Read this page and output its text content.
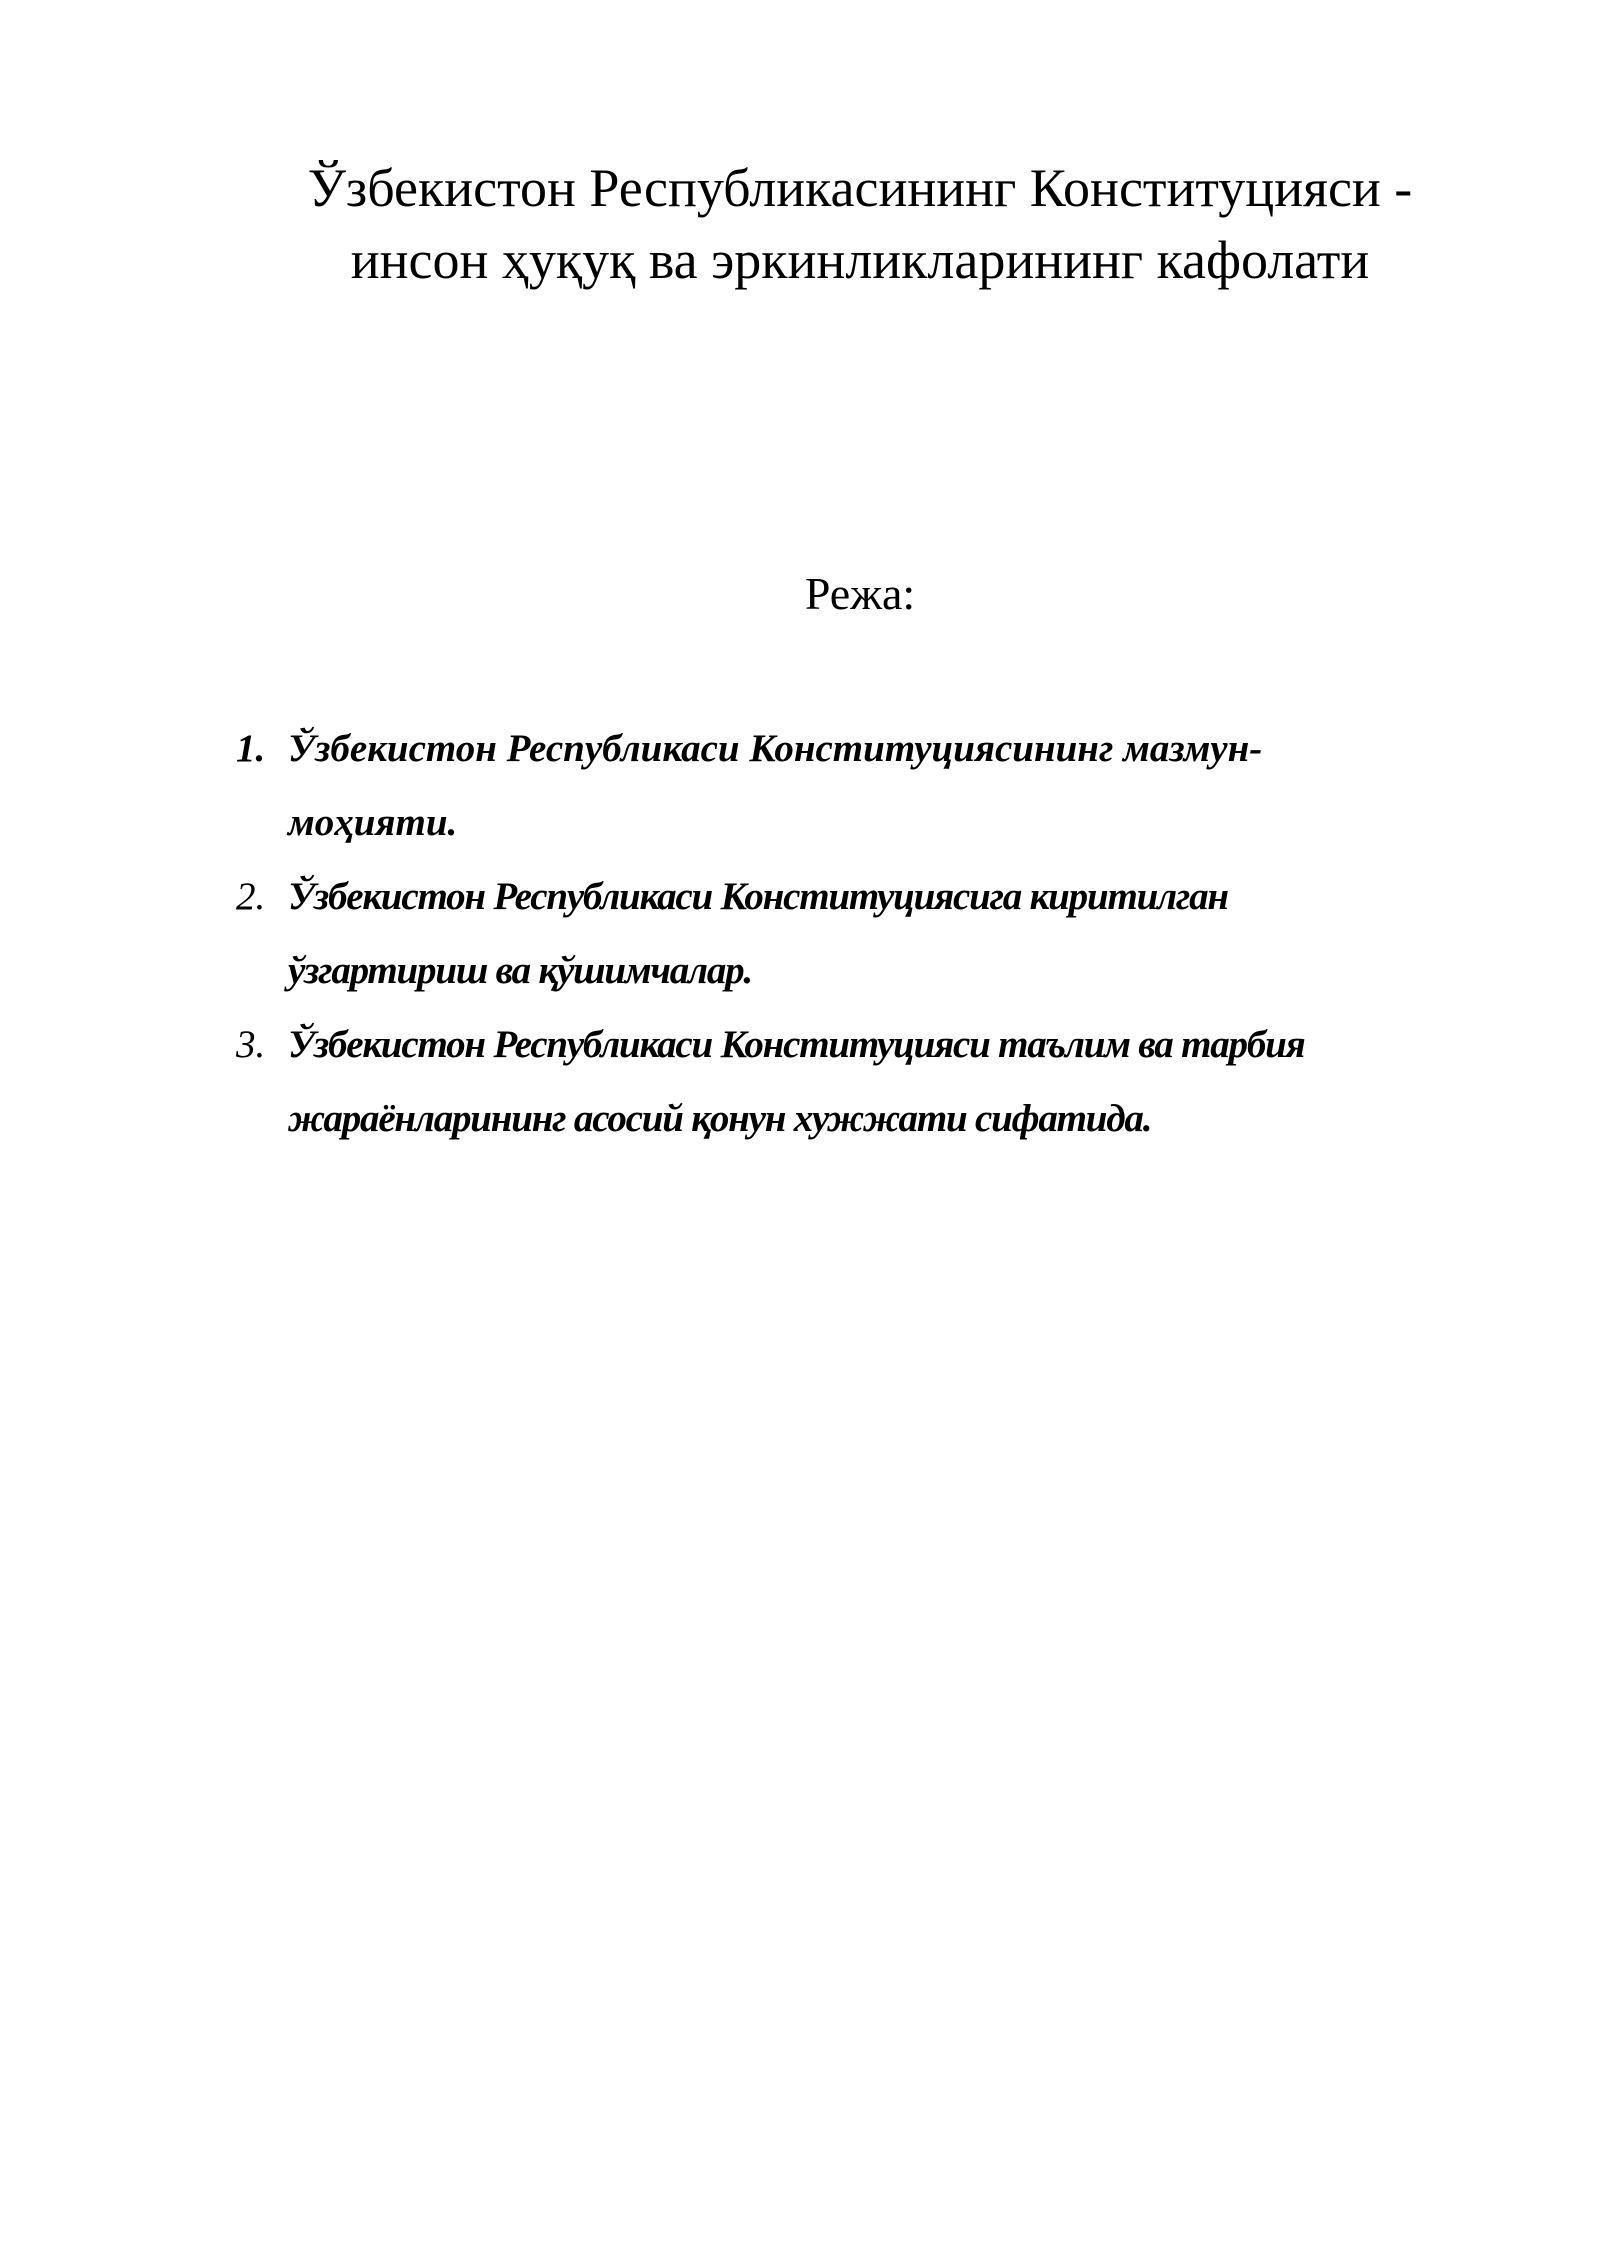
Ўзбекистон Республикасининг Конституцияси -
инсон ҳуқуқ ва эркинликларининг кафолати
Режа:
1. Ўзбекистон Республикаси Конституциясининг мазмун-
моҳияти.
2. Ўзбекистон Республикаси Конституциясига киритилган
ўзгартириш ва қўшимчалар.
3. Ўзбекистон Республикаси Конституцияси таълим ва тарбия
жараёнларининг асосий қонун хужжати сифатида.
